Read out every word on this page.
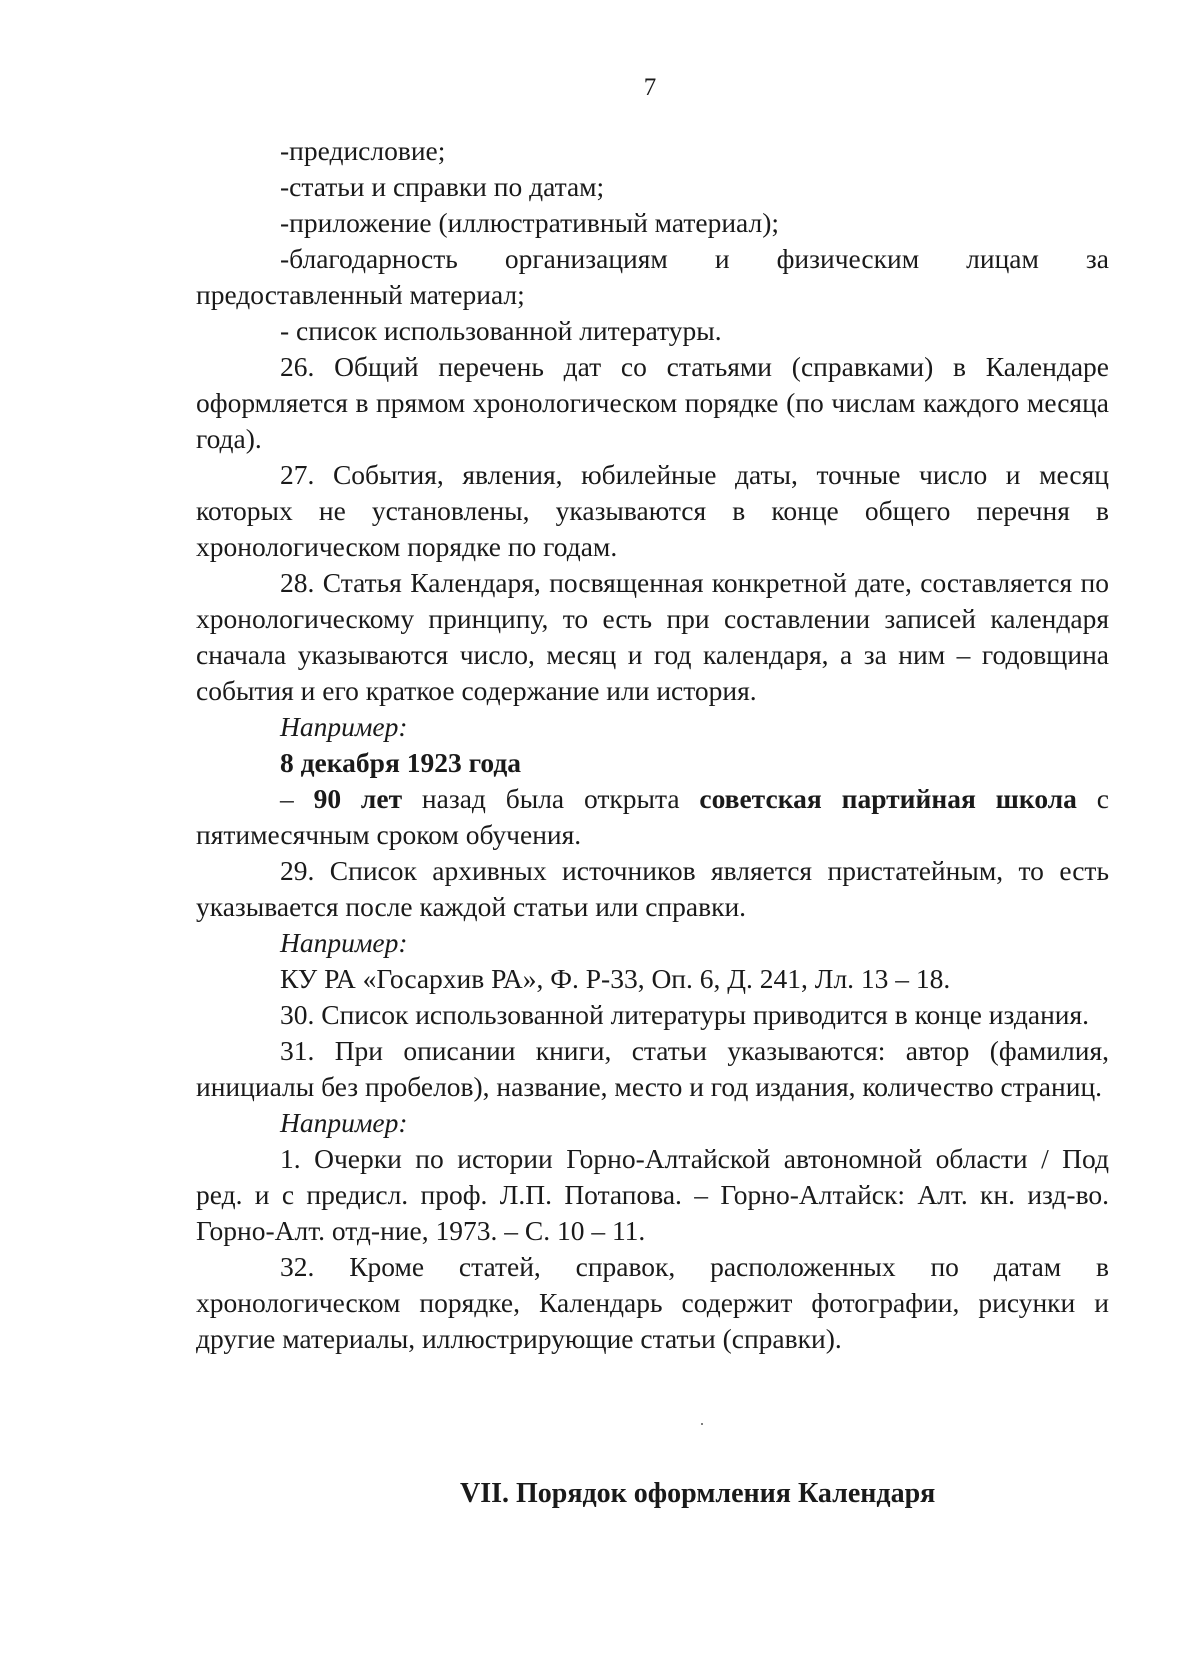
7

-предисловие;

-статьи и справки по датам;

-приложение (иллюстративный материал);

-благодарность организациям и физическим лицам за

предоставленный материал;

- список использованной литературы.

26. Общий перечень дат со статьями (справками) в Календаре оформляется в прямом хронологическом порядке (по числам каждого месяца года).

27. События, явления, юбилейные даты, точные число и месяц которых не установлены, указываются в конце общего перечня в хронологическом порядке по годам.

28. Статья Календаря, посвященная конкретной дате, составляется по хронологическому принципу, то есть при составлении записей календаря сначала указываются число, месяц и год календаря, а за ним – годовщина события и его краткое содержание или история.

Например:

8 декабря 1923 года

– 90 лет назад была открыта советская партийная школа с пятимесячным сроком обучения.

29. Список архивных источников является пристатейным, то есть указывается после каждой статьи или справки.

Например:

КУ РА «Госархив РА», Ф. Р-33, Оп. 6, Д. 241, Лл. 13 – 18.

30. Список использованной литературы приводится в конце издания.

31. При описании книги, статьи указываются: автор (фамилия, инициалы без пробелов), название, место и год издания, количество страниц.

Например:

1. Очерки по истории Горно-Алтайской автономной области / Под ред. и с предисл. проф. Л.П. Потапова. – Горно-Алтайск: Алт. кн. изд-во. Горно-Алт. отд-ние, 1973. – С. 10 – 11.

32. Кроме статей, справок, расположенных по датам в хронологическом порядке, Календарь содержит фотографии, рисунки и другие материалы, иллюстрирующие статьи (справки).

VII. Порядок оформления Календаря
